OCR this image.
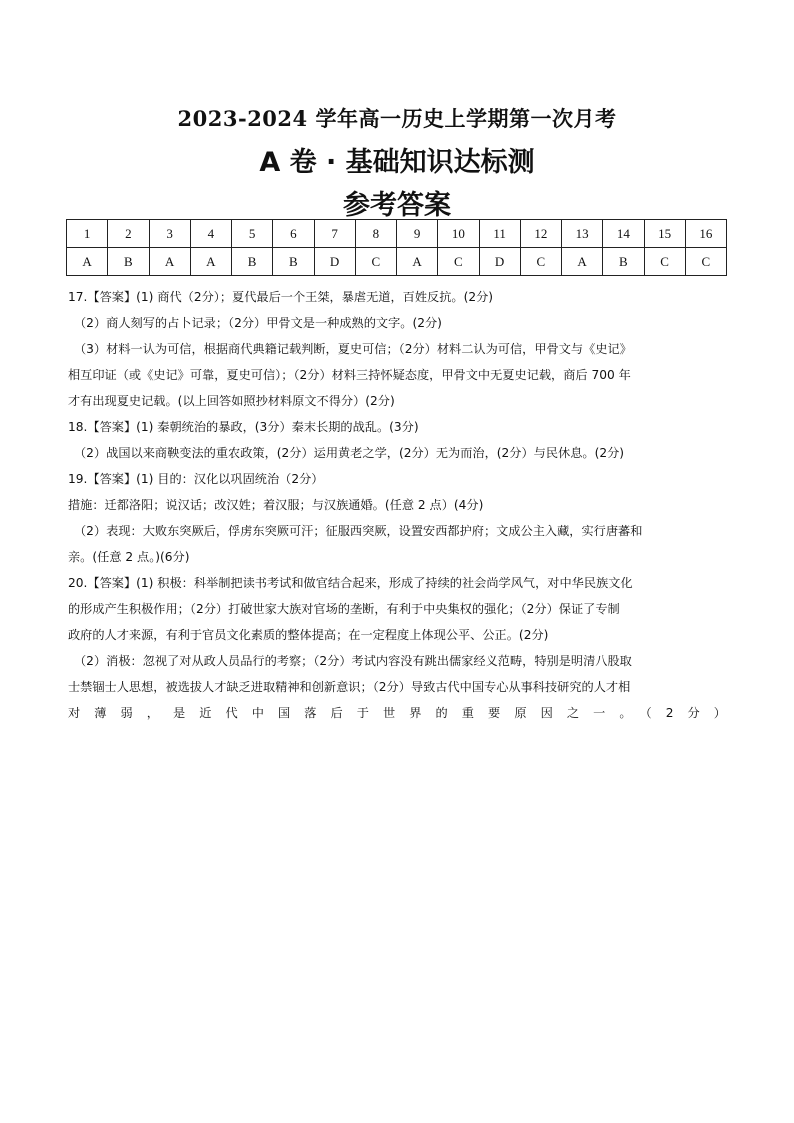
2023-2024 学年高一历史上学期第一次月考
A 卷 · 基础知识达标测
参考答案
1	2	3	4	5	6	7	8	9	10	11	12	13	14	15	16
A	B	A	A	B	B	D	C	A	C	D	C	A	B	C	C

17.【答案】(1) 商代（2分）；夏代最后一个王桀，暴虐无道，百姓反抗。(2分)

（2）商人刻写的占卜记录；（2分）甲骨文是一种成熟的文字。(2分)

（3）材料一认为可信，根据商代典籍记载判断，夏史可信；（2分）材料二认为可信，甲骨文与《史记》

相互印证（或《史记》可靠，夏史可信）；（2分）材料三持怀疑态度，甲骨文中无夏史记载，商后 700 年

才有出现夏史记载。(以上回答如照抄材料原文不得分）(2分)

18.【答案】(1) 秦朝统治的暴政，(3分）秦末长期的战乱。(3分)

（2）战国以来商鞅变法的重农政策，(2分）运用黄老之学，(2分）无为而治，(2分）与民休息。(2分)

19.【答案】(1) 目的：汉化以巩固统治（2分）

措施：迁都洛阳；说汉话；改汉姓；着汉服；与汉族通婚。(任意 2 点）(4分)

（2）表现：大败东突厥后，俘虏东突厥可汗；征服西突厥，设置安西都护府；文成公主入藏，实行唐蕃和

亲。(任意 2 点。)(6分)

20.【答案】(1) 积极：科举制把读书考试和做官结合起来，形成了持续的社会尚学风气，对中华民族文化

的形成产生积极作用；（2分）打破世家大族对官场的垄断，有利于中央集权的强化；（2分）保证了专制

政府的人才来源，有利于官员文化素质的整体提高；在一定程度上体现公平、公正。(2分)

（2）消极：忽视了对从政人员品行的考察；（2分）考试内容没有跳出儒家经义范畴，特别是明清八股取

士禁锢士人思想，被选拔人才缺乏进取精神和创新意识；（2分）导致古代中国专心从事科技研究的人才相

对薄弱，是近代中国落后于世界的重要原因之一。（2分）
